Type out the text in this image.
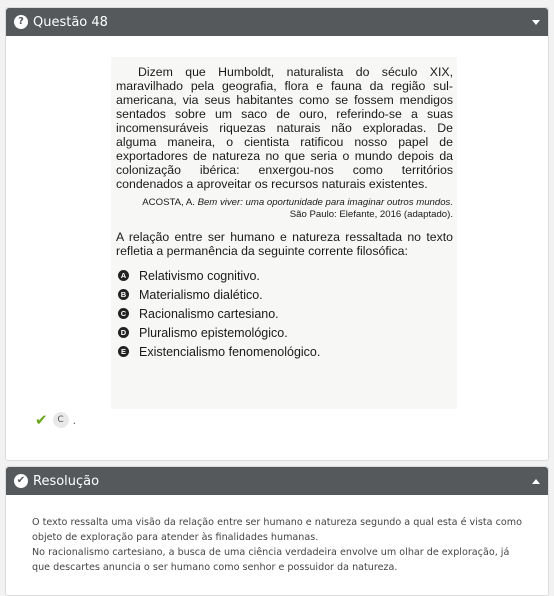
? Questão 48

Dizem que Humboldt, naturalista do século XIX, maravilhado pela geografia, flora e fauna da região sul-americana, via seus habitantes como se fossem mendigos sentados sobre um saco de ouro, referindo-se a suas incomensuráveis riquezas naturais não exploradas. De alguma maneira, o cientista ratificou nosso papel de exportadores de natureza no que seria o mundo depois da colonização ibérica: enxergou-nos como territórios condenados a aproveitar os recursos naturais existentes.

ACOSTA, A. Bem viver: uma oportunidade para imaginar outros mundos.
São Paulo: Elefante, 2016 (adaptado).

A relação entre ser humano e natureza ressaltada no texto refletia a permanência da seguinte corrente filosófica:

A Relativismo cognitivo.
B Materialismo dialético.
C Racionalismo cartesiano.
D Pluralismo epistemológico.
E Existencialismo fenomenológico.
✔	C .
✔ Resolução

O texto ressalta uma visão da relação entre ser humano e natureza segundo a qual esta é vista como objeto de exploração para atender às finalidades humanas.

No racionalismo cartesiano, a busca de uma ciência verdadeira envolve um olhar de exploração, já que descartes anuncia o ser humano como senhor e possuidor da natureza.
